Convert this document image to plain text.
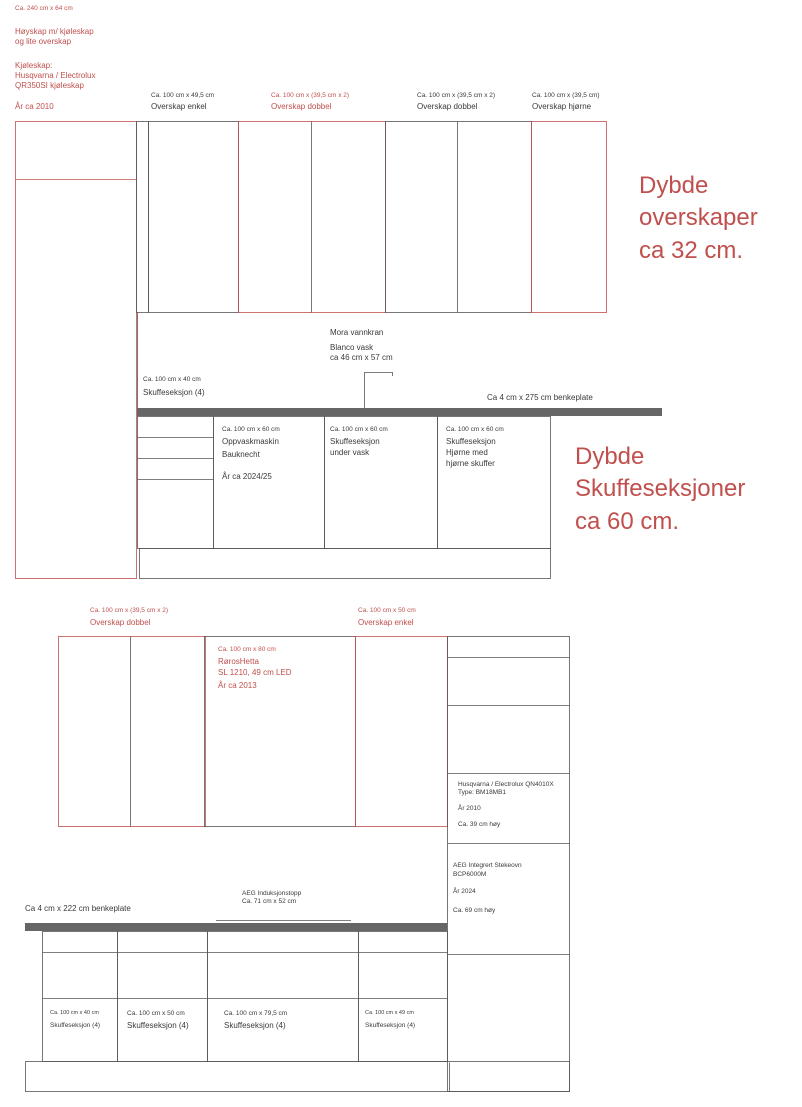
Ca. 240 cm x 64 cm
Høyskap m/ kjøleskap
og lite overskap
Kjøleskap:
Husqvarna / Electrolux
QR350SI kjøleskap
År ca 2010
Ca. 100 cm x 49,5 cm
Overskap enkel
Ca. 100 cm x (39,5 cm x 2)
Overskap dobbel
Ca. 100 cm x (39,5 cm x 2)
Overskap dobbel
Ca. 100 cm x (39,5 cm)
Overskap hjørne
Dybde
overskaper
ca 32 cm.
Mora vannkran
Blanco vask
ca 46 cm x 57 cm
Ca. 100 cm x 40 cm
Skuffeseksjon (4)
Ca 4 cm x 275 cm benkeplate
Ca. 100 cm x 60 cm
Oppvaskmaskin
Bauknecht
År ca 2024/25
Ca. 100 cm x 60 cm
Skuffeseksjon
under vask
Ca. 100 cm x 60 cm
Skuffeseksjon
Hjørne med
hjørne skuffer	Dybde
Skuffeseksjoner
ca 60 cm.
Ca. 100 cm x (39,5 cm x 2)
Overskap dobbel
Ca. 100 cm x 50 cm
Overskap enkel
Ca. 100 cm x 80 cm
RørosHetta
SL 1210, 49 cm LED
År ca 2013
Husqvarna / Electrolux QN4010X
Type: BM18MB1
År 2010
Ca. 39 cm høy
AEG Integrert Stekeovn
BCP6000M
År 2024
Ca. 69 cm høy
AEG Induksjonstopp
Ca. 71 cm x 52 cm
Ca 4 cm x 222 cm benkeplate
Ca. 100 cm x 40 cm
Skuffeseksjon (4)
Ca. 100 cm x 50 cm
Skuffeseksjon (4)
Ca. 100 cm x 79,5 cm
Skuffeseksjon (4)
Ca. 100 cm x 49 cm
Skuffeseksjon (4)
